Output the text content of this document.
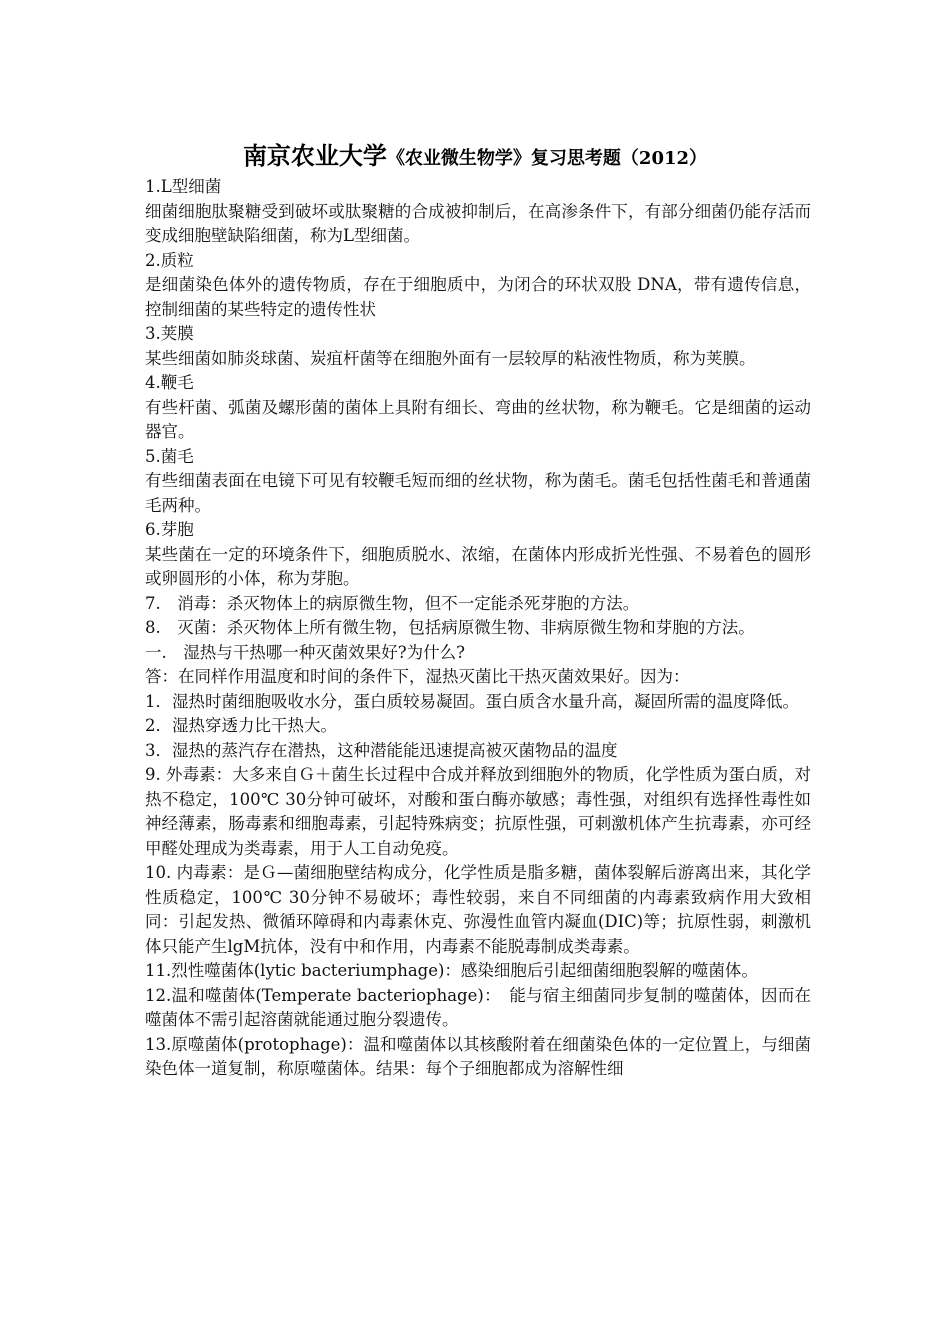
南京农业大学《农业微生物学》复习思考题（2012）

1.L型细菌

细菌细胞肽聚糖受到破坏或肽聚糖的合成被抑制后，在高渗条件下，有部分细菌仍能存活而变成细胞壁缺陷细菌，称为L型细菌。

2.质粒

是细菌染色体外的遗传物质，存在于细胞质中，为闭合的环状双股 DNA，带有遗传信息，控制细菌的某些特定的遗传性状

3.荚膜

某些细菌如肺炎球菌、炭疽杆菌等在细胞外面有一层较厚的粘液性物质，称为荚膜。

4.鞭毛

有些杆菌、弧菌及螺形菌的菌体上具附有细长、弯曲的丝状物，称为鞭毛。它是细菌的运动器官。

5.菌毛

有些细菌表面在电镜下可见有较鞭毛短而细的丝状物，称为菌毛。菌毛包括性菌毛和普通菌毛两种。

6.芽胞

某些菌在一定的环境条件下，细胞质脱水、浓缩，在菌体内形成折光性强、不易着色的圆形或卵圆形的小体，称为芽胞。

7.　消毒：杀灭物体上的病原微生物，但不一定能杀死芽胞的方法。

8.　灭菌：杀灭物体上所有微生物，包括病原微生物、非病原微生物和芽胞的方法。

一.　湿热与干热哪一种灭菌效果好?为什么?

答：在同样作用温度和时间的条件下，湿热灭菌比干热灭菌效果好。因为：

1．湿热时菌细胞吸收水分，蛋白质较易凝固。蛋白质含水量升高，凝固所需的温度降低。

2．湿热穿透力比干热大。

3．湿热的蒸汽存在潜热，这种潜能能迅速提高被灭菌物品的温度

9. 外毒素：大多来自Ｇ＋菌生长过程中合成并释放到细胞外的物质，化学性质为蛋白质，对热不稳定，100℃ 30分钟可破坏，对酸和蛋白酶亦敏感；毒性强，对组织有选择性毒性如神经薄素，肠毒素和细胞毒素，引起特殊病变；抗原性强，可刺激机体产生抗毒素，亦可经甲醛处理成为类毒素，用于人工自动免疫。

10. 内毒素：是Ｇ—菌细胞壁结构成分，化学性质是脂多糖，菌体裂解后游离出来，其化学性质稳定，100℃ 30分钟不易破坏；毒性较弱，来自不同细菌的内毒素致病作用大致相同：引起发热、微循环障碍和内毒素休克、弥漫性血管内凝血(DIC)等；抗原性弱，刺激机体只能产生lgM抗体，没有中和作用，内毒素不能脱毒制成类毒素。

11.烈性噬菌体(lytic bacteriumphage)：感染细胞后引起细菌细胞裂解的噬菌体。

12.温和噬菌体(Temperate bacteriophage)：　能与宿主细菌同步复制的噬菌体，因而在噬菌体不需引起溶菌就能通过胞分裂遗传。

13.原噬菌体(protophage)：温和噬菌体以其核酸附着在细菌染色体的一定位置上，与细菌染色体一道复制，称原噬菌体。结果：每个子细胞都成为溶解性细
